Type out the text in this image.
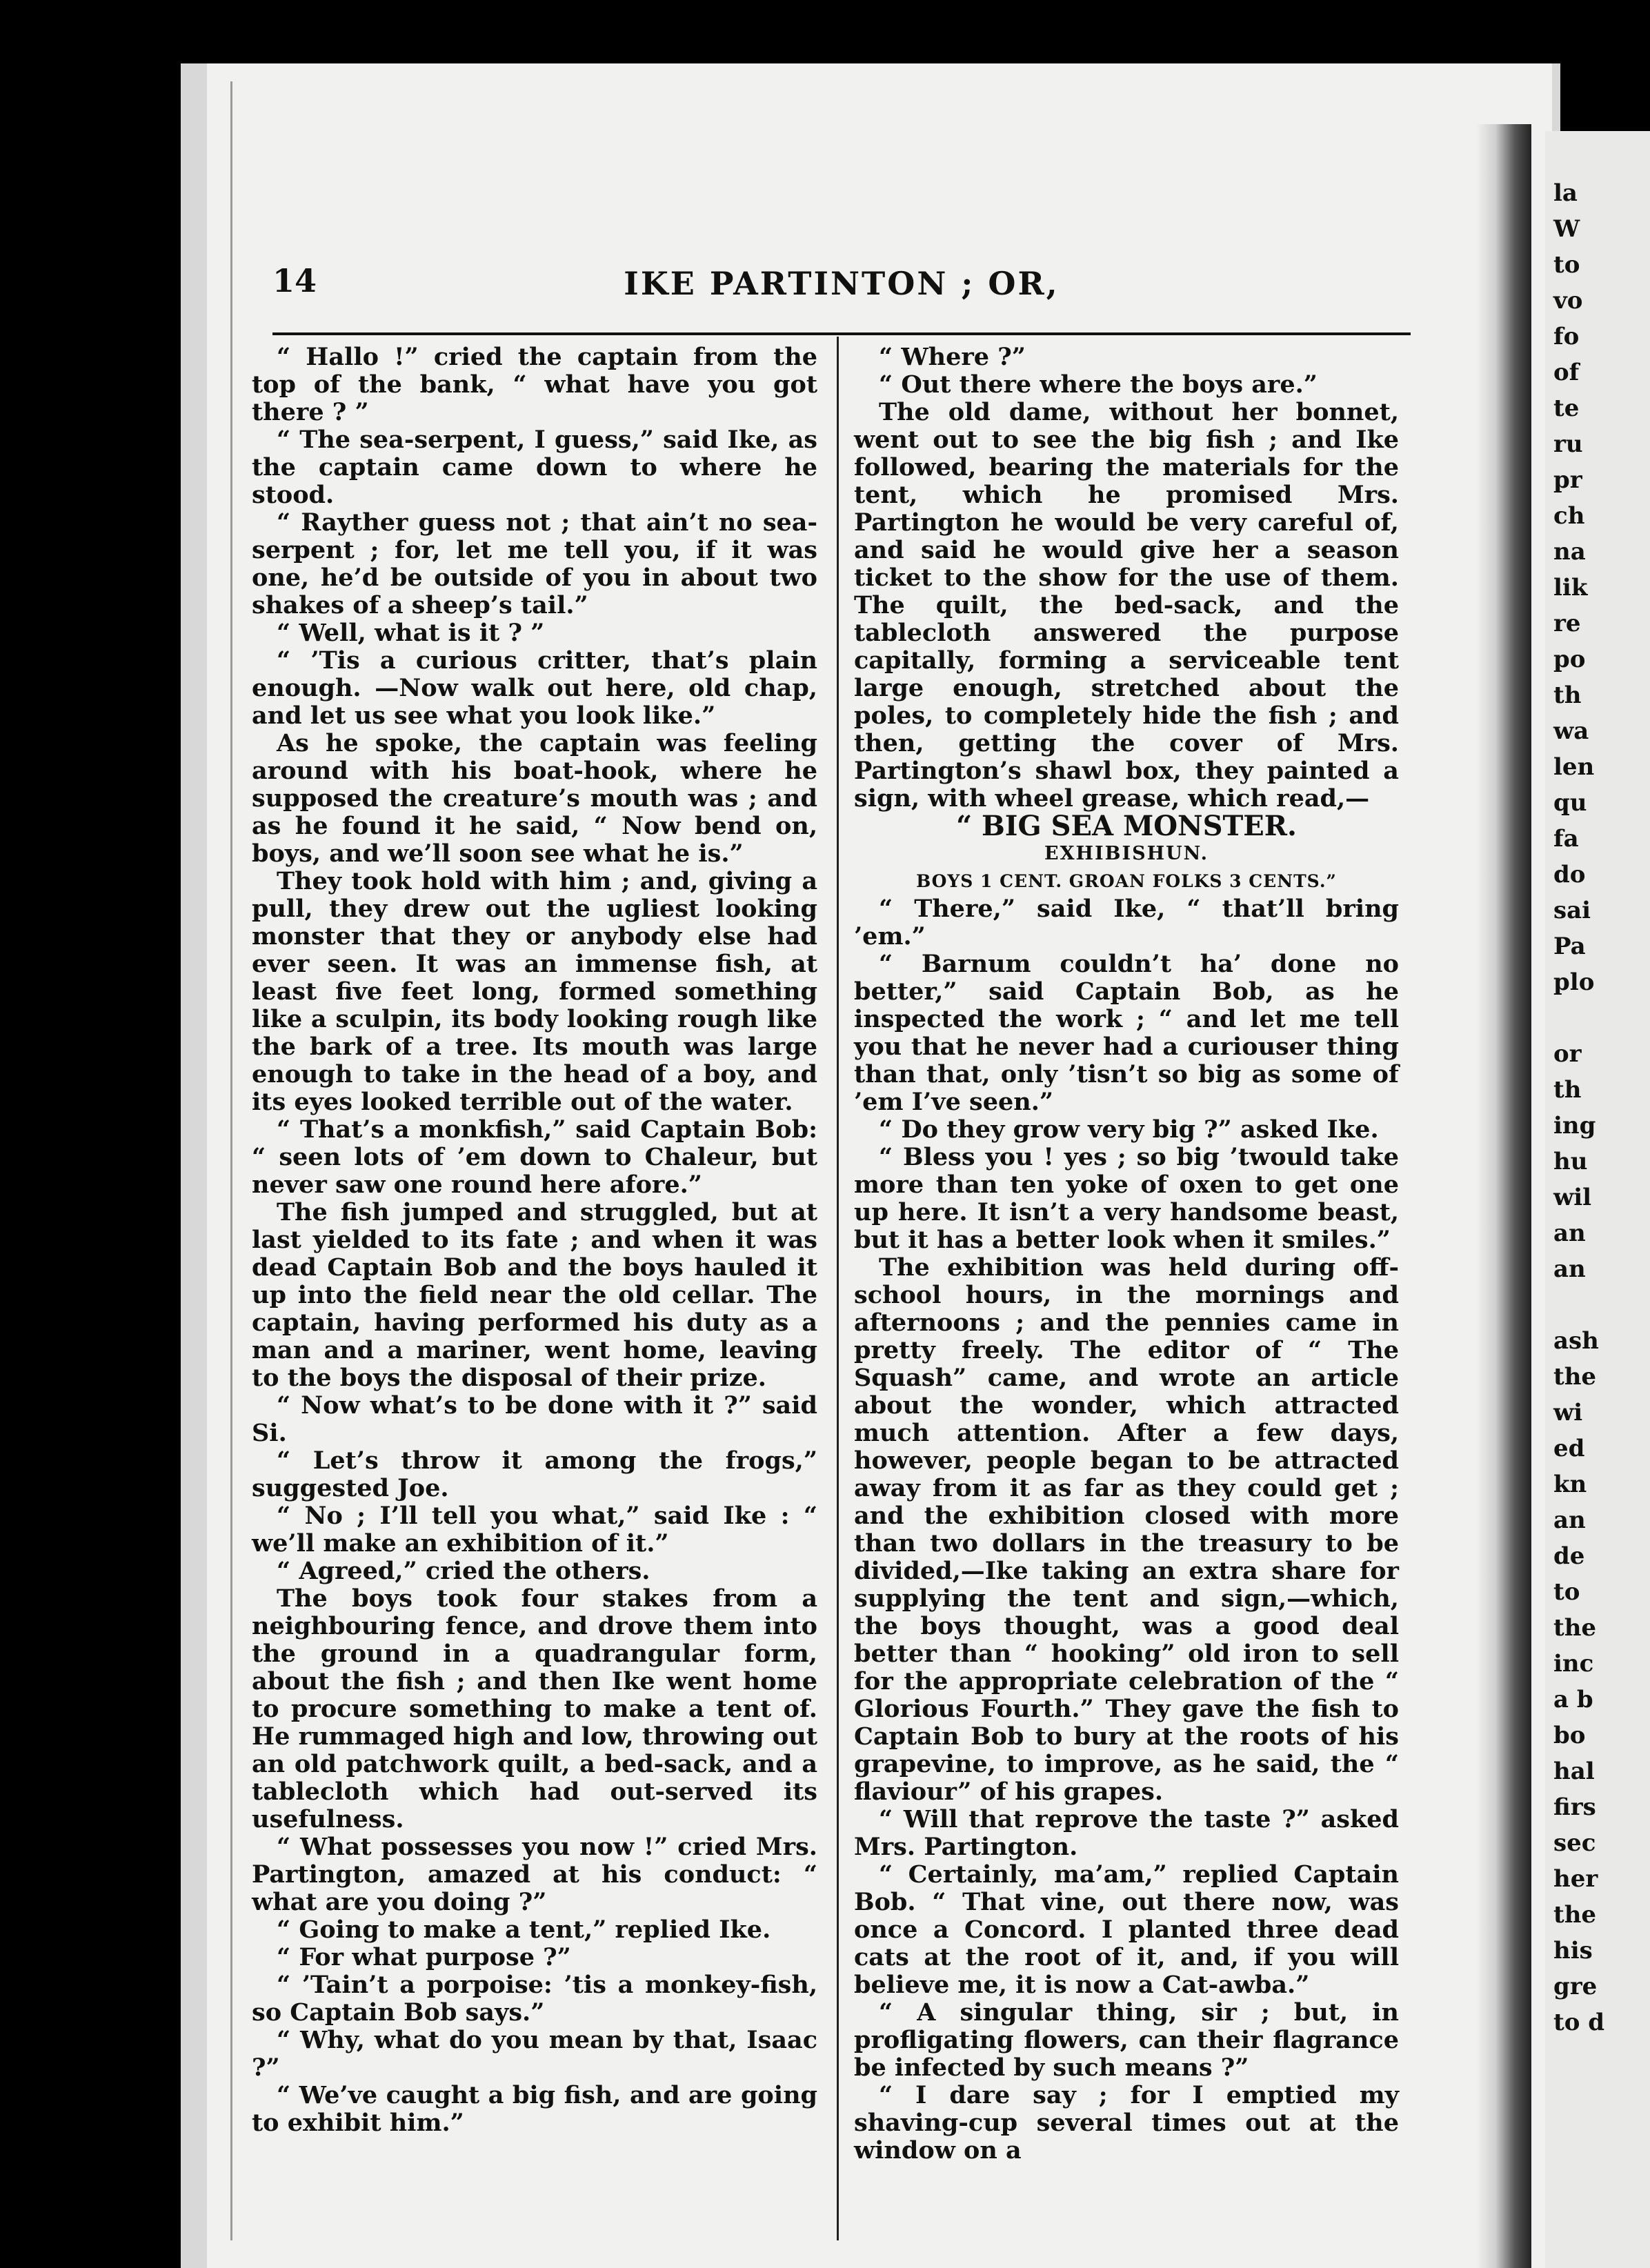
la
W
to
vo
fo
of
te
ru
pr
ch
na
lik
re
po
th
wa
len
qu
fa
do
sai
Pa
plo
or
th
ing
hu
wil
an
an
ash
the
wi
ed
kn
an
de
to
the
inc
a b
bo
hal
firs
sec
her
the
his
gre
to d
14	IKE PARTINTON ; OR,

“ Hallo !” cried the captain from the top of the bank, “ what have you got there ? ”

“ The sea-serpent, I guess,” said Ike, as the captain came down to where he stood.

“ Rayther guess not ; that ain’t no sea-serpent ; for, let me tell you, if it was one, he’d be outside of you in about two shakes of a sheep’s tail.”

“ Well, what is it ? ”

“ ’Tis a curious critter, that’s plain enough. —Now walk out here, old chap, and let us see what you look like.”

As he spoke, the captain was feeling around with his boat-hook, where he supposed the creature’s mouth was ; and as he found it he said, “ Now bend on, boys, and we’ll soon see what he is.”

They took hold with him ; and, giving a pull, they drew out the ugliest looking monster that they or anybody else had ever seen. It was an immense fish, at least five feet long, formed something like a sculpin, its body looking rough like the bark of a tree. Its mouth was large enough to take in the head of a boy, and its eyes looked terrible out of the water.

“ That’s a monkfish,” said Captain Bob: “ seen lots of ’em down to Chaleur, but never saw one round here afore.”

The fish jumped and struggled, but at last yielded to its fate ; and when it was dead Captain Bob and the boys hauled it up into the field near the old cellar. The captain, having performed his duty as a man and a mariner, went home, leaving to the boys the disposal of their prize.

“ Now what’s to be done with it ?” said Si.

“ Let’s throw it among the frogs,” suggested Joe.

“ No ; I’ll tell you what,” said Ike : “ we’ll make an exhibition of it.”

“ Agreed,” cried the others.

The boys took four stakes from a neighbouring fence, and drove them into the ground in a quadrangular form, about the fish ; and then Ike went home to procure something to make a tent of. He rummaged high and low, throwing out an old patchwork quilt, a bed-sack, and a tablecloth which had out-served its usefulness.

“ What possesses you now !” cried Mrs. Partington, amazed at his conduct: “ what are you doing ?”

“ Going to make a tent,” replied Ike.

“ For what purpose ?”

“ ’Tain’t a porpoise: ’tis a monkey-fish, so Captain Bob says.”

“ Why, what do you mean by that, Isaac ?”

“ We’ve caught a big fish, and are going to exhibit him.”

“ Where ?”

“ Out there where the boys are.”

The old dame, without her bonnet, went out to see the big fish ; and Ike followed, bearing the materials for the tent, which he promised Mrs. Partington he would be very careful of, and said he would give her a season ticket to the show for the use of them. The quilt, the bed-sack, and the tablecloth answered the purpose capitally, forming a serviceable tent large enough, stretched about the poles, to completely hide the fish ; and then, getting the cover of Mrs. Partington’s shawl box, they painted a sign, with wheel grease, which read,—

“ BIG SEA MONSTER.

EXHIBISHUN.

BOYS 1 CENT. GROAN FOLKS 3 CENTS.”

“ There,” said Ike, “ that’ll bring ’em.”

“ Barnum couldn’t ha’ done no better,” said Captain Bob, as he inspected the work ; “ and let me tell you that he never had a curiouser thing than that, only ’tisn’t so big as some of ’em I’ve seen.”

“ Do they grow very big ?” asked Ike.

“ Bless you ! yes ; so big ’twould take more than ten yoke of oxen to get one up here. It isn’t a very handsome beast, but it has a better look when it smiles.”

The exhibition was held during off-school hours, in the mornings and afternoons ; and the pennies came in pretty freely. The editor of “ The Squash” came, and wrote an article about the wonder, which attracted much attention. After a few days, however, people began to be attracted away from it as far as they could get ; and the exhibition closed with more than two dollars in the treasury to be divided,—Ike taking an extra share for supplying the tent and sign,—which, the boys thought, was a good deal better than “ hooking” old iron to sell for the appropriate celebration of the “ Glorious Fourth.” They gave the fish to Captain Bob to bury at the roots of his grapevine, to improve, as he said, the “ flaviour” of his grapes.

“ Will that reprove the taste ?” asked Mrs. Partington.

“ Certainly, ma’am,” replied Captain Bob. “ That vine, out there now, was once a Concord. I planted three dead cats at the root of it, and, if you will believe me, it is now a Cat-awba.”

“ A singular thing, sir ; but, in profligating flowers, can their flagrance be infected by such means ?”

“ I dare say ; for I emptied my shaving-cup several times out at the window on a
